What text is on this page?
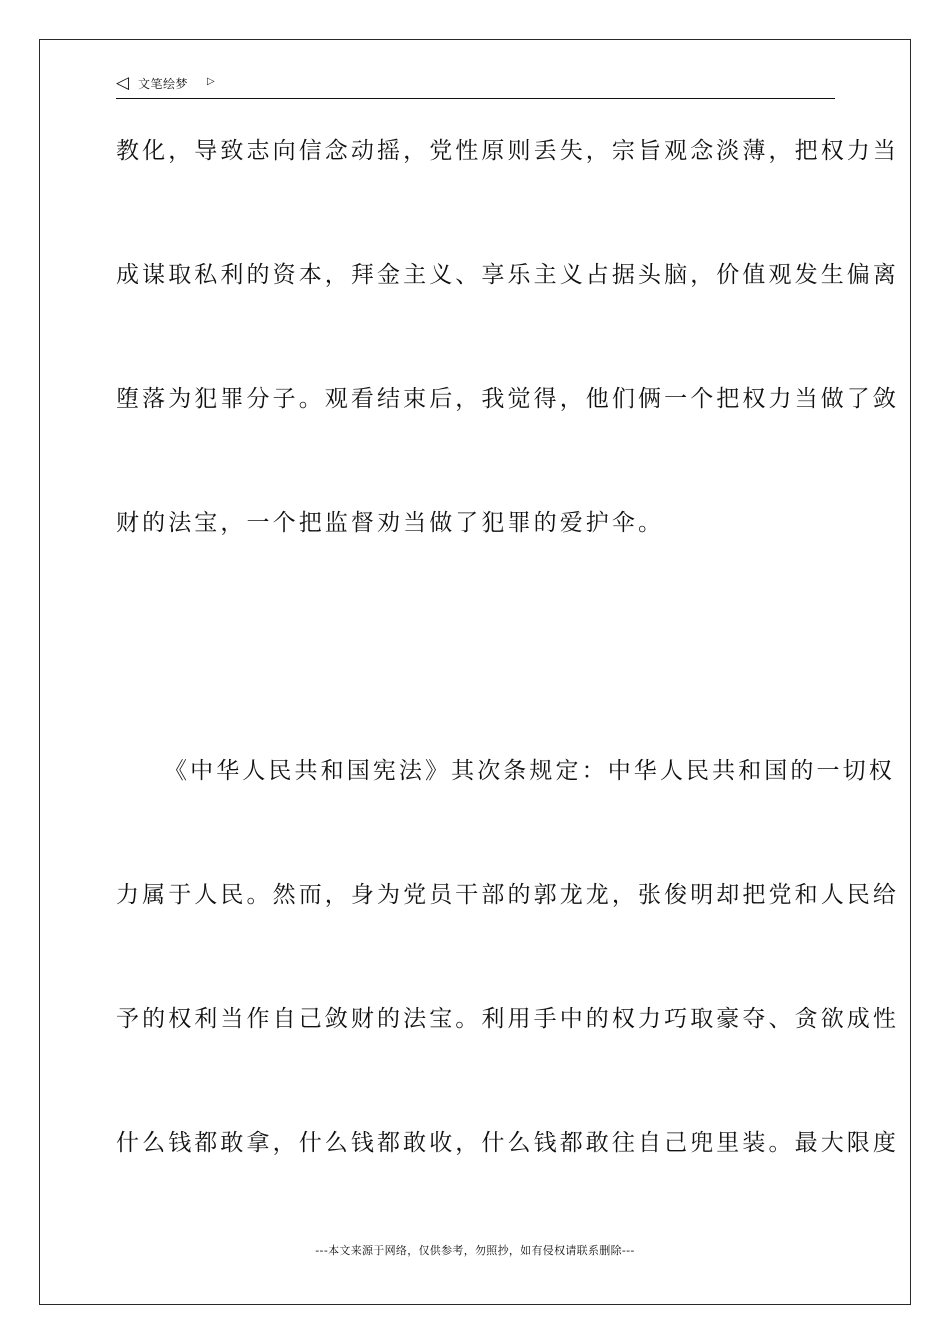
◁ 文笔绘梦 ▷
教化，导致志向信念动摇，党性原则丢失，宗旨观念淡薄，把权力当
成谋取私利的资本，拜金主义、享乐主义占据头脑，价值观发生偏离
堕落为犯罪分子。观看结束后，我觉得，他们俩一个把权力当做了敛
财的法宝，一个把监督劝当做了犯罪的爱护伞。
《中华人民共和国宪法》其次条规定：中华人民共和国的一切权
力属于人民。然而，身为党员干部的郭龙龙，张俊明却把党和人民给
予的权利当作自己敛财的法宝。利用手中的权力巧取豪夺、贪欲成性
什么钱都敢拿，什么钱都敢收，什么钱都敢往自己兜里装。最大限度
---本文来源于网络，仅供参考，勿照抄，如有侵权请联系删除---
